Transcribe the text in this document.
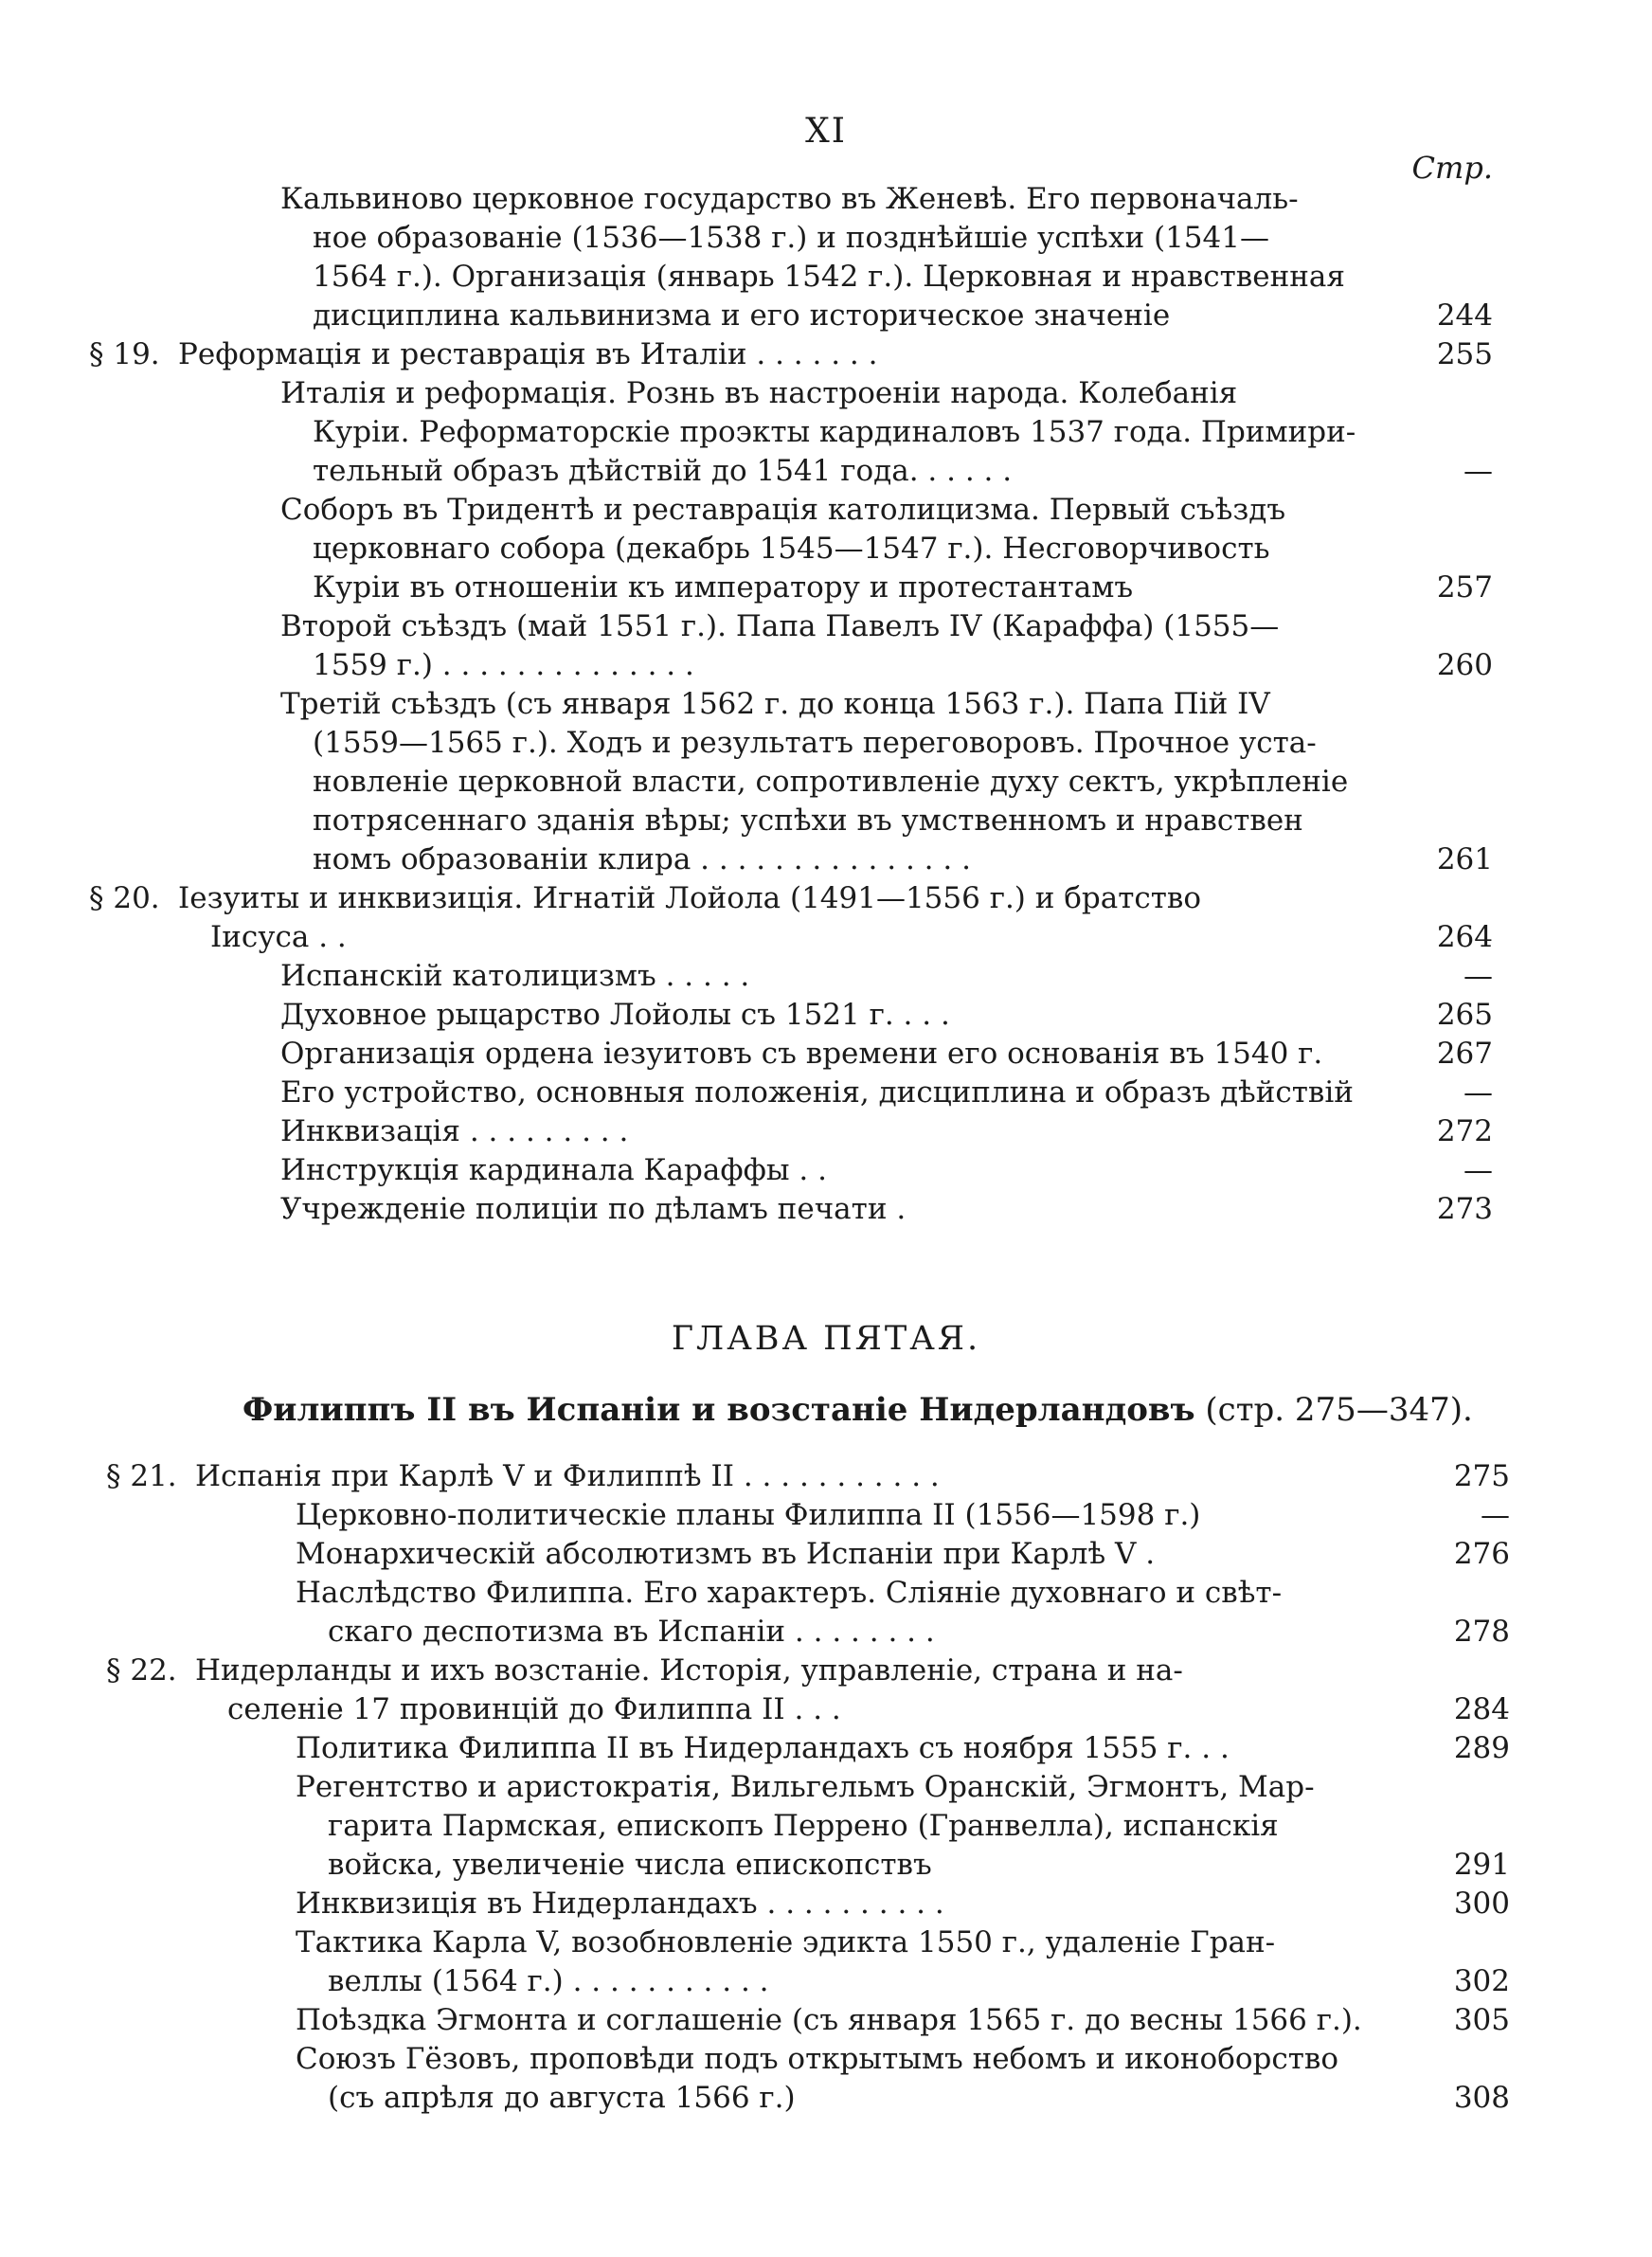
XI
Стр.
Кальвиново церковное государство въ Женевѣ. Его первоначаль-
ное образованіе (1536—1538 г.) и позднѣйшіе успѣхи (1541—
1564 г.). Организація (январь 1542 г.). Церковная и нравственная
дисциплина кальвинизма и его историческое значеніе	244
§ 19. Реформація и реставрація въ Италіи . . . . . . .	255
Италія и реформація. Рознь въ настроеніи народа. Колебанія
Куріи. Реформаторскіе проэкты кардиналовъ 1537 года. Примири-
тельный образъ дѣйствій до 1541 года. . . . . .	—
Соборъ въ Тридентѣ и реставрація католицизма. Первый съѣздъ
церковнаго собора (декабрь 1545—1547 г.). Несговорчивость
Куріи въ отношеніи къ императору и протестантамъ	257
Второй съѣздъ (май 1551 г.). Папа Павелъ IV (Караффа) (1555—
1559 г.) . . . . . . . . . . . . . .	260
Третій съѣздъ (съ января 1562 г. до конца 1563 г.). Папа Пій IV
(1559—1565 г.). Ходъ и результатъ переговоровъ. Прочное уста-
новленіе церковной власти, сопротивленіе духу сектъ, укрѣпленіе
потрясеннаго зданія вѣры; успѣхи въ умственномъ и нравствен
номъ образованіи клира . . . . . . . . . . . . . . .	261
§ 20. Іезуиты и инквизиція. Игнатій Лойола (1491—1556 г.) и братство
Іисуса . .	264
Испанскій католицизмъ . . . . .	—
Духовное рыцарство Лойолы съ 1521 г. . . .	265
Организація ордена іезуитовъ съ времени его основанія въ 1540 г.	267
Его устройство, основныя положенія, дисциплина и образъ дѣйствій	—
Инквизація . . . . . . . . .	272
Инструкція кардинала Караффы . .	—
Учрежденіе полиціи по дѣламъ печати .	273
ГЛАВА ПЯТАЯ.
Филиппъ II въ Испаніи и возстаніе Нидерландовъ (стр. 275—347).
§ 21. Испанія при Карлѣ V и Филиппѣ II . . . . . . . . . . .	275
Церковно-политическіе планы Филиппа II (1556—1598 г.)	—
Монархическій абсолютизмъ въ Испаніи при Карлѣ V .	276
Наслѣдство Филиппа. Его характеръ. Сліяніе духовнаго и свѣт-
скаго деспотизма въ Испаніи . . . . . . . .	278
§ 22. Нидерланды и ихъ возстаніе. Исторія, управленіе, страна и на-
селеніе 17 провинцій до Филиппа II . . .	284
Политика Филиппа II въ Нидерландахъ съ ноября 1555 г. . .	289
Регентство и аристократія, Вильгельмъ Оранскій, Эгмонтъ, Мар-
гарита Пармская, епископъ Перрено (Гранвелла), испанскія
войска, увеличеніе числа епископствъ	291
Инквизиція въ Нидерландахъ . . . . . . . . . .	300
Тактика Карла V, возобновленіе эдикта 1550 г., удаленіе Гран-
веллы (1564 г.) . . . . . . . . . . .	302
Поѣздка Эгмонта и соглашеніе (съ января 1565 г. до весны 1566 г.).	305
Союзъ Гёзовъ, проповѣди подъ открытымъ небомъ и иконоборство
(съ апрѣля до августа 1566 г.)	308
